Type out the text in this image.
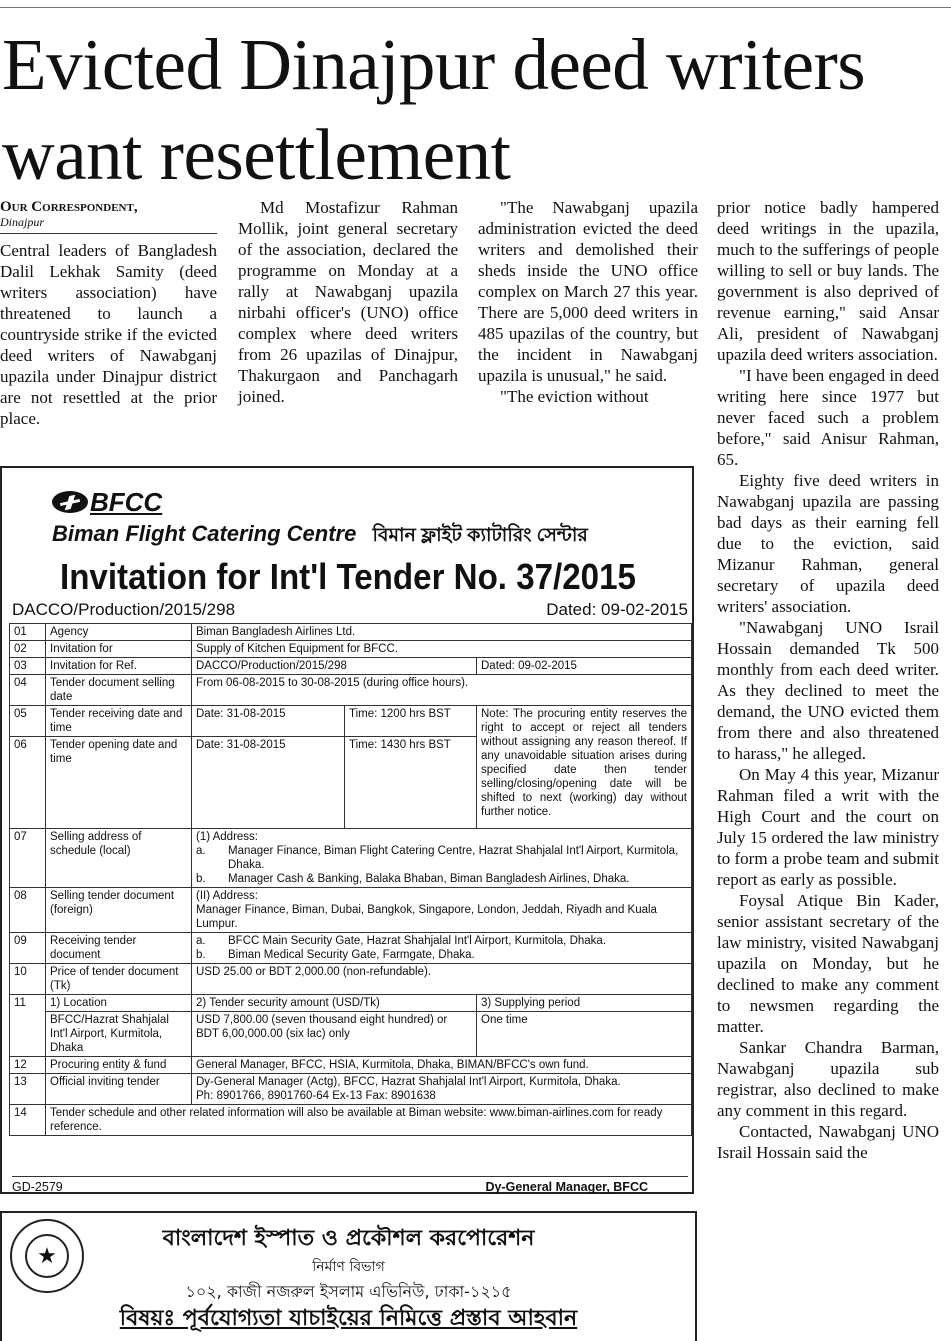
Evicted Dinajpur deed writers want resettlement

Our Correspondent,

Dinajpur

Central leaders of Bangladesh Dalil Lekhak Samity (deed writers association) have threatened to launch a countryside strike if the evicted deed writers of Nawabganj upazila under Dinajpur district are not resettled at the prior place.

Md Mostafizur Rahman Mollik, joint general secretary of the association, declared the programme on Monday at a rally at Nawabganj upazila nirbahi officer's (UNO) office complex where deed writers from 26 upazilas of Dinajpur, Thakurgaon and Panchagarh joined.

"The Nawabganj upazila administration evicted the deed writers and demolished their sheds inside the UNO office complex on March 27 this year. There are 5,000 deed writers in 485 upazilas of the country, but the incident in Nawabganj upazila is unusual," he said.

"The eviction without

prior notice badly hampered deed writings in the upazila, much to the sufferings of people willing to sell or buy lands. The government is also deprived of revenue earning," said Ansar Ali, president of Nawabganj upazila deed writers association.

"I have been engaged in deed writing here since 1977 but never faced such a problem before," said Anisur Rahman, 65.

Eighty five deed writers in Nawabganj upazila are passing bad days as their earning fell due to the eviction, said Mizanur Rahman, general secretary of upazila deed writers' association.

"Nawabganj UNO Israil Hossain demanded Tk 500 monthly from each deed writer. As they declined to meet the demand, the UNO evicted them from there and also threatened to harass," he alleged.

On May 4 this year, Mizanur Rahman filed a writ with the High Court and the court on July 15 ordered the law ministry to form a probe team and submit report as early as possible.

Foysal Atique Bin Kader, senior assistant secretary of the law ministry, visited Nawabganj upazila on Monday, but he declined to make any comment to newsmen regarding the matter.

Sankar Chandra Barman, Nawabganj upazila sub registrar, also declined to make any comment in this regard.

Contacted, Nawabganj UNO Israil Hossain said the

BFCC
Biman Flight Catering Centre বিমান ফ্লাইট ক্যাটারিং সেন্টার
Invitation for Int'l Tender No. 37/2015
DACCO/Production/2015/298	Dated: 09-02-2015
01	Agency	Biman Bangladesh Airlines Ltd.		
02	Invitation for	Supply of Kitchen Equipment for BFCC.		
03	Invitation for Ref.	DACCO/Production/2015/298		Dated: 09-02-2015
04	Tender document selling date	From 06-08-2015 to 30-08-2015 (during office hours).		
05	Tender receiving date and time	Date: 31-08-2015	Time: 1200 hrs BST	Note: The procuring entity reserves the right to accept or reject all tenders without assigning any reason thereof. If any unavoidable situation arises during specified date then tender selling/closing/opening date will be shifted to next (working) day without further notice.
06	Tender opening date and time	Date: 31-08-2015	Time: 1430 hrs BST	
07	Selling address of schedule (local)	(1) Address:
a. Manager Finance, Biman Flight Catering Centre, Hazrat Shahjalal Int'l Airport, Kurmitola, Dhaka.
b. Manager Cash & Banking, Balaka Bhaban, Biman Bangladesh Airlines, Dhaka.		

08	Selling tender document (foreign)	(II) Address:
Manager Finance, Biman, Dubai, Bangkok, Singapore, London, Jeddah, Riyadh and Kuala Lumpur.		

09	Receiving tender document	a. BFCC Main Security Gate, Hazrat Shahjalal Int'l Airport, Kurmitola, Dhaka.
b. Biman Medical Security Gate, Farmgate, Dhaka.		

10	Price of tender document (Tk)	USD 25.00 or BDT 2,000.00 (non-refundable).		
11	1) Location	2) Tender security amount (USD/Tk)		3) Supplying period
	BFCC/Hazrat Shahjalal Int'l Airport, Kurmitola, Dhaka	USD 7,800.00 (seven thousand eight hundred) or BDT 6,00,000.00 (six lac) only		One time
12	Procuring entity & fund	General Manager, BFCC, HSIA, Kurmitola, Dhaka, BIMAN/BFCC's own fund.		
13	Official inviting tender	Dy-General Manager (Actg), BFCC, Hazrat Shahjalal Int'l Airport, Kurmitola, Dhaka.
Ph: 8901766, 8901760-64 Ex-13 Fax: 8901638		

14	Tender schedule and other related information will also be available at Biman website: www.biman-airlines.com for ready reference.			
GD-2579	Dy-General Manager, BFCC
★
বাংলাদেশ ইস্পাত ও প্রকৌশল করপোরেশন
নির্মাণ বিভাগ
১০২, কাজী নজরুল ইসলাম এভিনিউ, ঢাকা-১২১৫
বিষয়ঃ পূর্বযোগ্যতা যাচাইয়ের নিমিত্তে প্রস্তাব আহবান
